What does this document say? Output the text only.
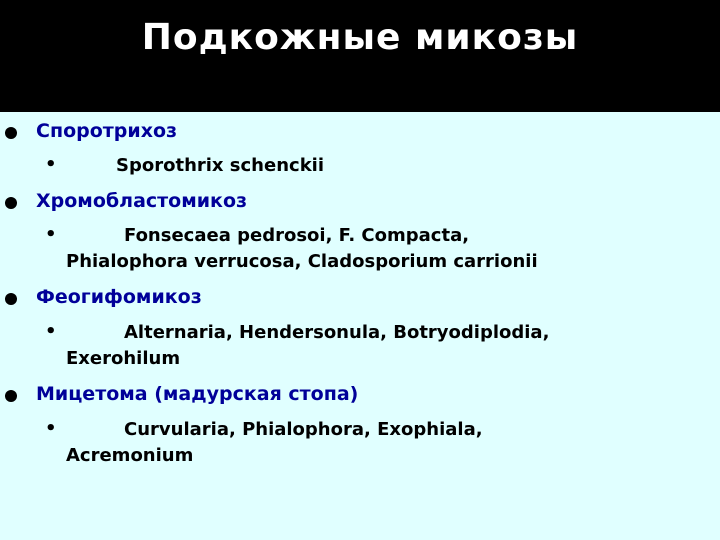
Подкожные микозы
Споротрихоз
•	Sporothrix schenckii
Хромобластомикоз
•	Fonsecaea pedrosoi, F. Compacta,
Phialophora verrucosa, Cladosporium carrionii
Феогифомикоз
•	Alternaria, Hendersonula, Botryodiplodia,
Exerohilum
Мицетома (мадурская стопа)
•	Curvularia, Phialophora, Exophiala,
Acremonium
